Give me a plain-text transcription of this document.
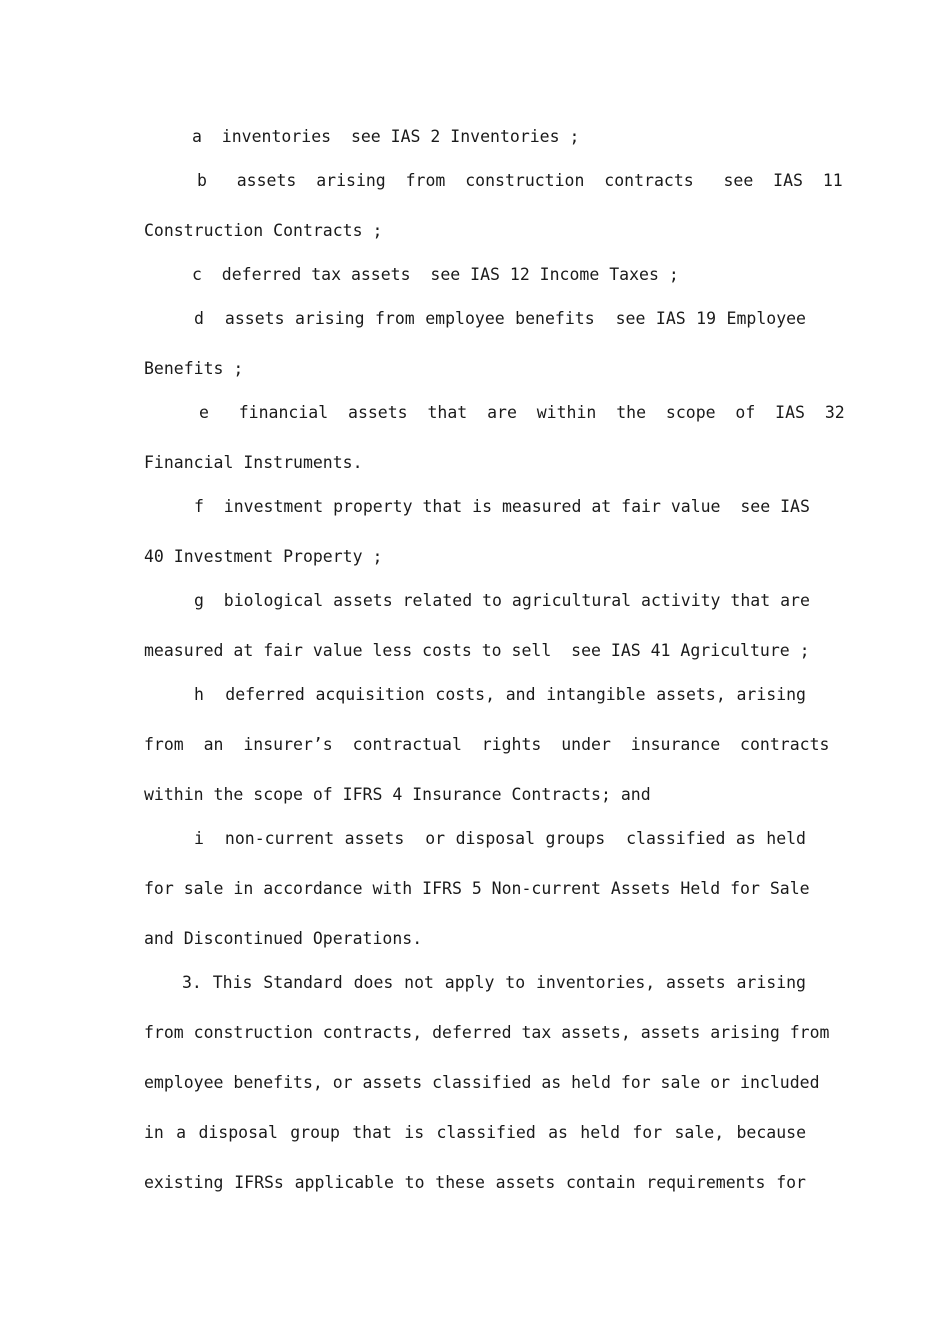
a  inventories  see IAS 2 Inventories ;
b   assets  arising  from  construction  contracts   see  IAS  11
Construction Contracts ;
c  deferred tax assets  see IAS 12 Income Taxes ;
d  assets arising from employee benefits  see IAS 19 Employee
Benefits ;
e   financial  assets  that  are  within  the  scope  of  IAS  32
Financial Instruments.
f  investment property that is measured at fair value  see IAS
40 Investment Property ;
g  biological assets related to agricultural activity that are
measured at fair value less costs to sell  see IAS 41 Agriculture ;
h  deferred acquisition costs, and intangible assets, arising
from  an  insurer’s  contractual  rights  under  insurance  contracts
within the scope of IFRS 4 Insurance Contracts; and
i  non-current assets  or disposal groups  classified as held
for sale in accordance with IFRS 5 Non-current Assets Held for Sale
and Discontinued Operations.
3. This Standard does not apply to inventories, assets arising
from construction contracts, deferred tax assets, assets arising from
employee benefits, or assets classified as held for sale or included
in a disposal group that is classified as held for sale, because
existing IFRSs applicable to these assets contain requirements for
